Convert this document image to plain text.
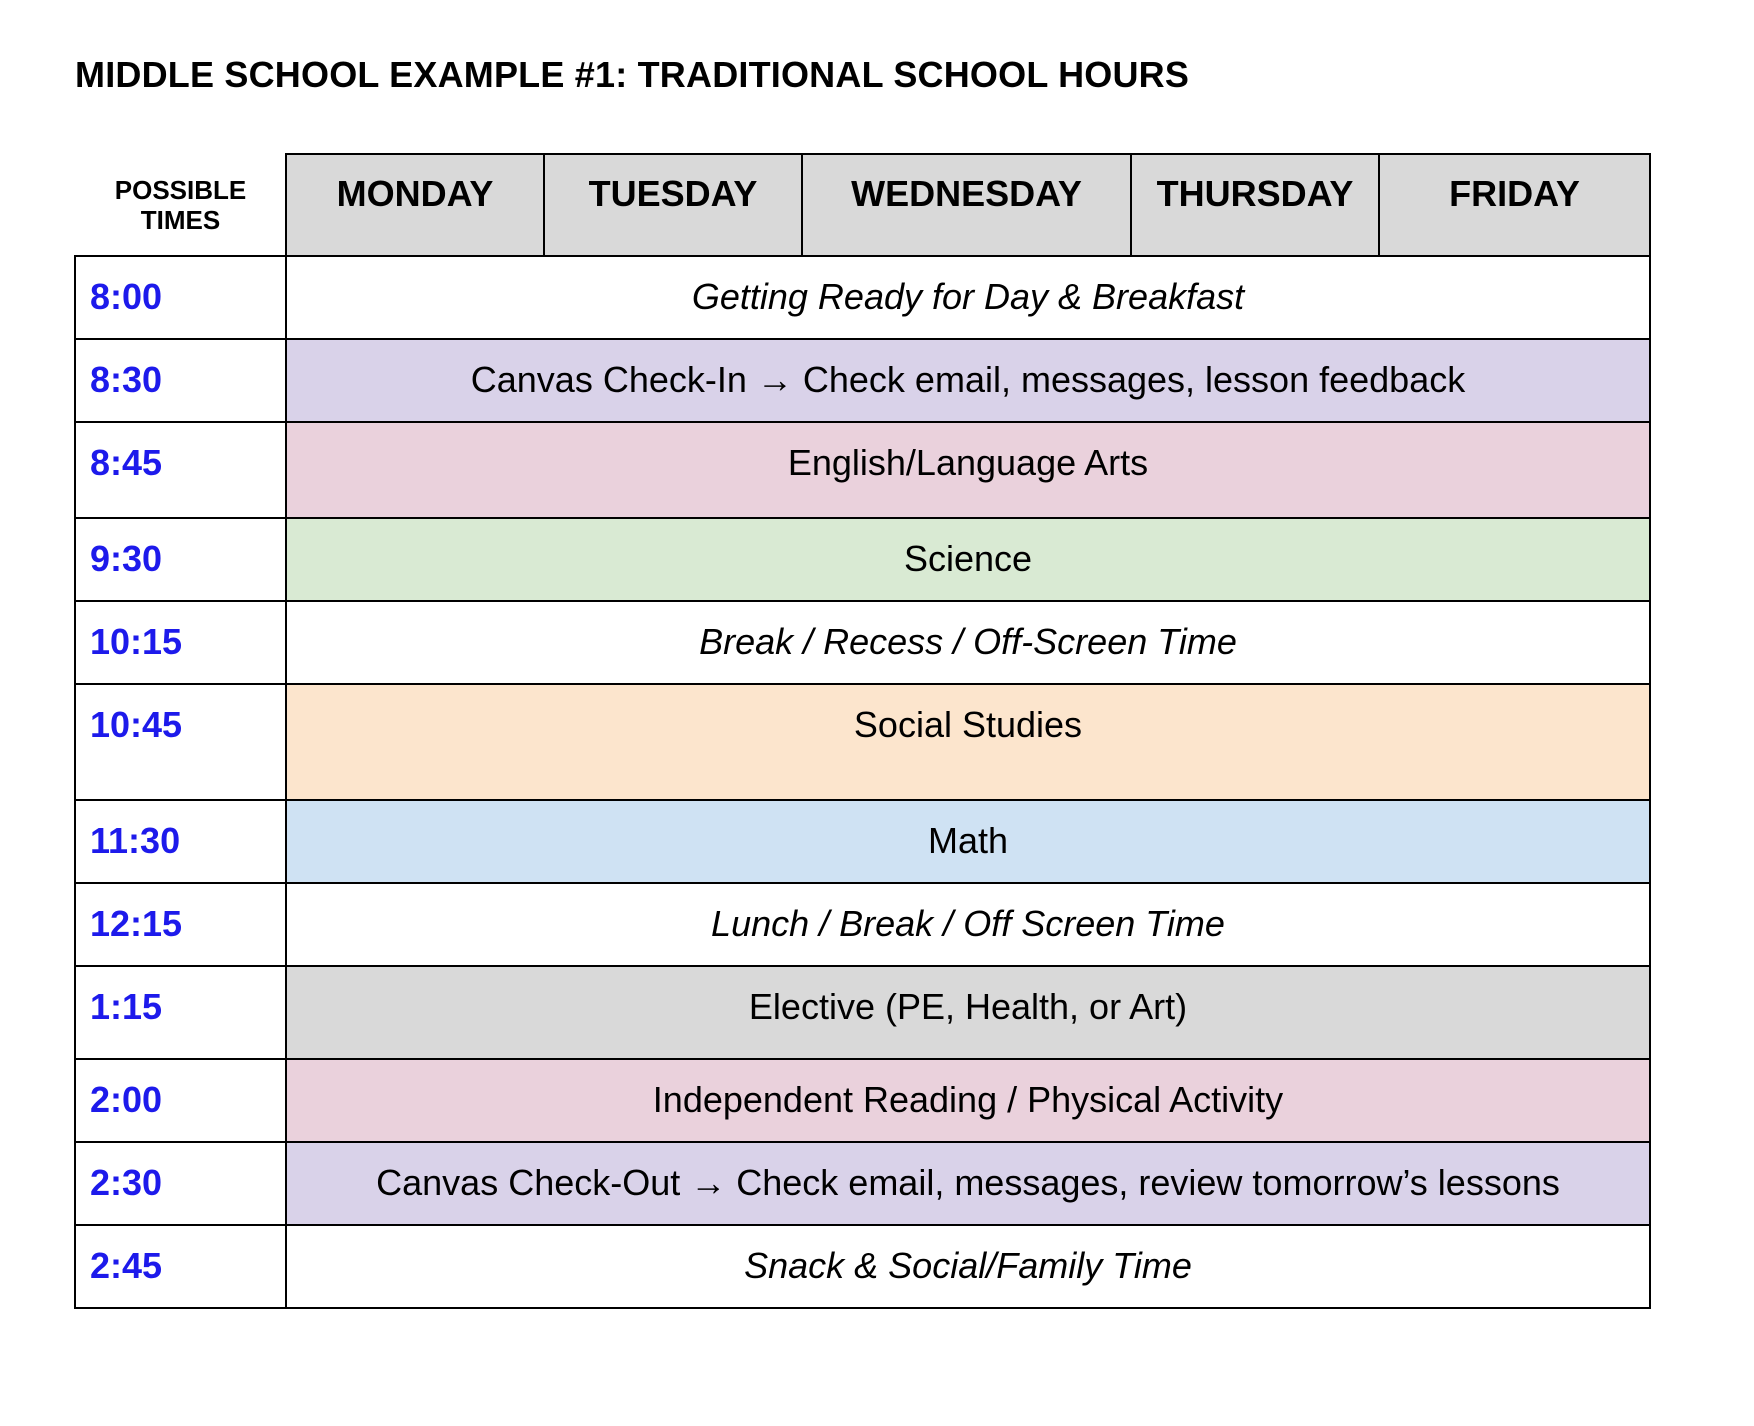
MIDDLE SCHOOL EXAMPLE #1: TRADITIONAL SCHOOL HOURS
POSSIBLE
TIMES
MONDAY	TUESDAY	WEDNESDAY	THURSDAY	FRIDAY
8:00	Getting Ready for Day & Breakfast
8:30	Canvas Check-In → Check email, messages, lesson feedback
8:45	English/Language Arts
9:30	Science
10:15	Break / Recess / Off-Screen Time
10:45	Social Studies
11:30	Math
12:15	Lunch / Break / Off Screen Time
1:15	Elective (PE, Health, or Art)
2:00	Independent Reading / Physical Activity
2:30	Canvas Check-Out → Check email, messages, review tomorrow’s lessons
2:45	Snack & Social/Family Time
